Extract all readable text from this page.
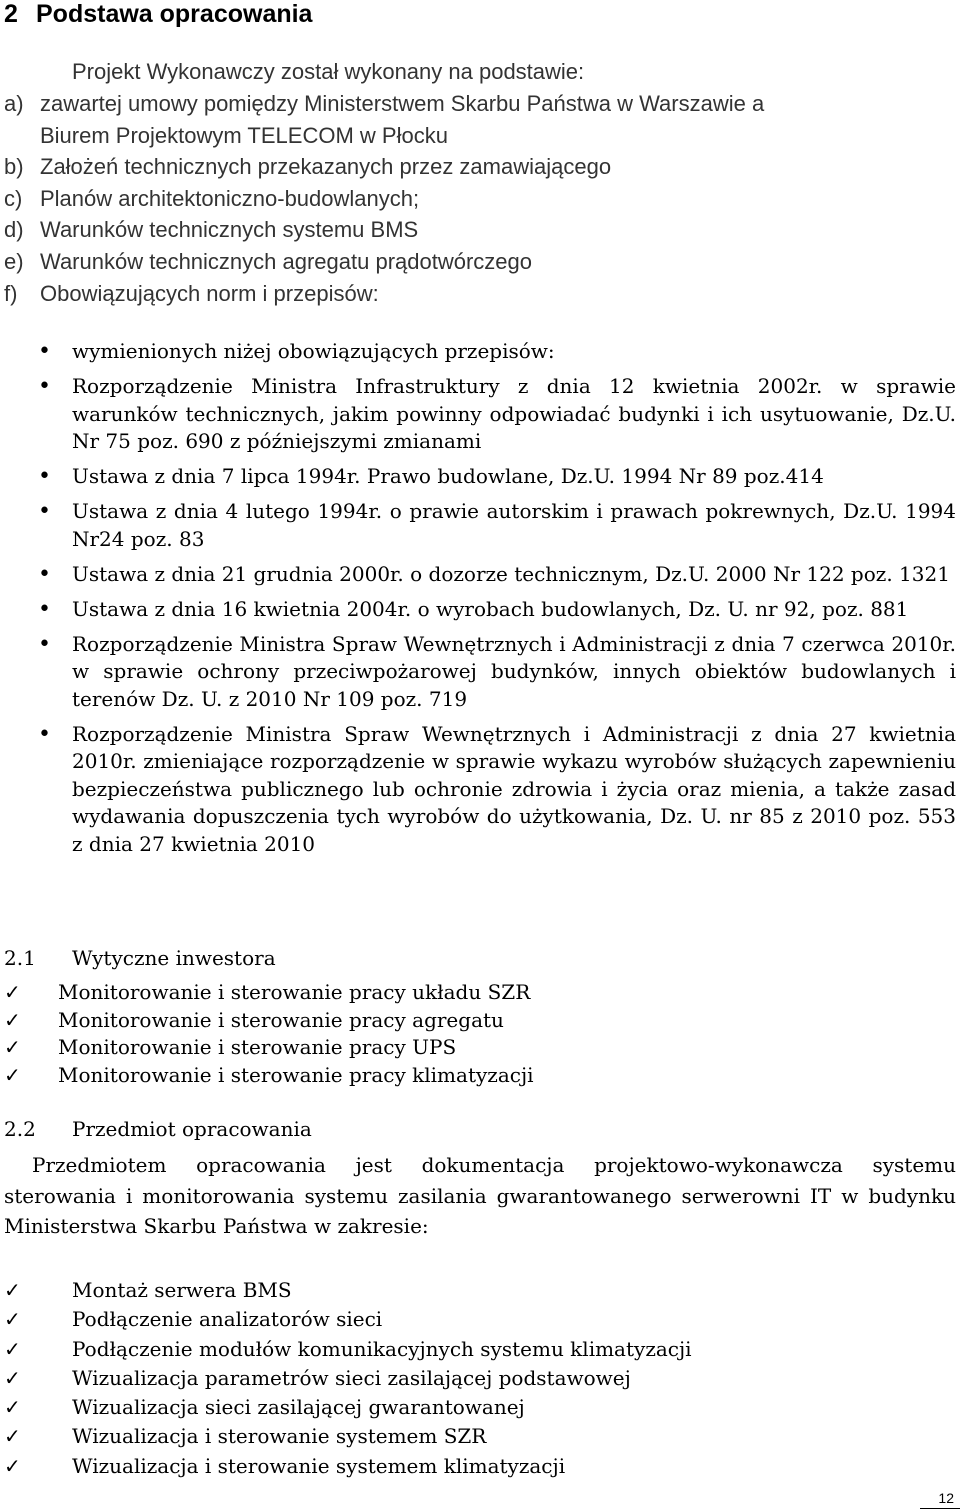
2 Podstawa opracowania
Projekt Wykonawczy został wykonany na podstawie:
a) zawartej umowy pomiędzy Ministerstwem Skarbu Państwa w Warszawie a
Biurem Projektowym TELECOM w Płocku
b) Założeń technicznych przekazanych przez zamawiającego
c) Planów architektoniczno-budowlanych;
d) Warunków technicznych systemu BMS
e) Warunków technicznych agregatu prądotwórczego
f)	Obowiązujących norm i przepisów:
• wymienionych niżej obowiązujących przepisów:
• Rozporządzenie Ministra Infrastruktury z dnia 12 kwietnia 2002r. w sprawie warunków technicznych, jakim powinny odpowiadać budynki i ich usytuowanie, Dz.U. Nr 75 poz. 690 z późniejszymi zmianami
• Ustawa z dnia 7 lipca 1994r. Prawo budowlane, Dz.U. 1994 Nr 89 poz.414
• Ustawa z dnia 4 lutego 1994r. o prawie autorskim i prawach pokrewnych, Dz.U. 1994 Nr24 poz. 83
• Ustawa z dnia 21 grudnia 2000r. o dozorze technicznym, Dz.U. 2000 Nr 122 poz. 1321
• Ustawa z dnia 16 kwietnia 2004r. o wyrobach budowlanych, Dz. U. nr 92, poz. 881
• Rozporządzenie Ministra Spraw Wewnętrznych i Administracji z dnia 7 czerwca 2010r. w sprawie ochrony przeciwpożarowej budynków, innych obiektów budowlanych i terenów Dz. U. z 2010 Nr 109 poz. 719
• Rozporządzenie Ministra Spraw Wewnętrznych i Administracji z dnia 27 kwietnia 2010r. zmieniające rozporządzenie w sprawie wykazu wyrobów służących zapewnieniu bezpieczeństwa publicznego lub ochronie zdrowia i życia oraz mienia, a także zasad wydawania dopuszczenia tych wyrobów do użytkowania, Dz. U. nr 85 z 2010 poz. 553 z dnia 27 kwietnia 2010
2.1 Wytyczne inwestora
✓ Monitorowanie i sterowanie pracy układu SZR
✓ Monitorowanie i sterowanie pracy agregatu
✓ Monitorowanie i sterowanie pracy UPS
✓ Monitorowanie i sterowanie pracy klimatyzacji
2.2 Przedmiot opracowania
Przedmiotem opracowania jest dokumentacja projektowo-wykonawcza systemu sterowania i monitorowania systemu zasilania gwarantowanego serwerowni IT w budynku Ministerstwa Skarbu Państwa w zakresie:
✓	Montaż serwera BMS
✓	Podłączenie analizatorów sieci
✓	Podłączenie modułów komunikacyjnych systemu klimatyzacji
✓	Wizualizacja parametrów sieci zasilającej podstawowej
✓	Wizualizacja sieci zasilającej gwarantowanej
✓	Wizualizacja i sterowanie systemem SZR
✓	Wizualizacja i sterowanie systemem klimatyzacji
12
